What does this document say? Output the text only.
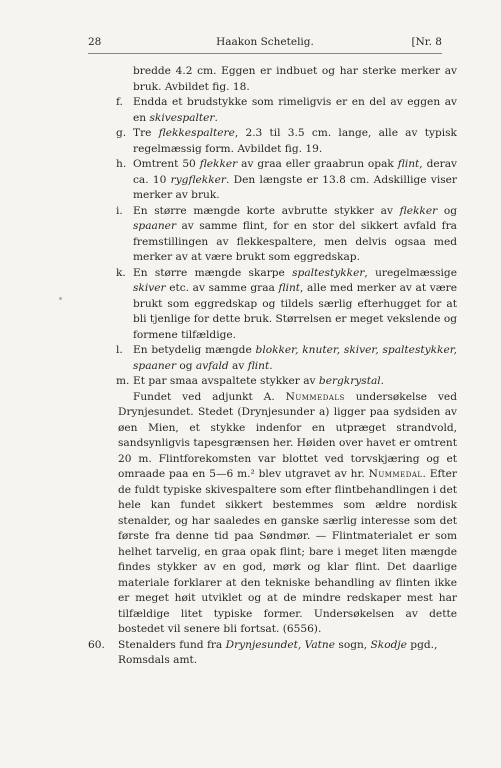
28	Haakon Schetelig.	[Nr. 8
bredde 4.2 cm. Eggen er indbuet og har sterke merker av bruk. Avbildet fig. 18.
f. Endda et brudstykke som rimeligvis er en del av eggen av en skivespalter.
g. Tre flekkespaltere, 2.3 til 3.5 cm. lange, alle av typisk regelmæssig form. Avbildet fig. 19.
h. Omtrent 50 flekker av graa eller graabrun opak flint, derav ca. 10 rygflekker. Den længste er 13.8 cm. Adskillige viser merker av bruk.
i. En større mængde korte avbrutte stykker av flekker og spaaner av samme flint, for en stor del sikkert avfald fra fremstillingen av flekkespaltere, men delvis ogsaa med merker av at være brukt som eggredskap.
k. En større mængde skarpe spaltestykker, uregelmæssige skiver etc. av samme graa flint, alle med merker av at være brukt som eggredskap og tildels særlig efterhugget for at bli tjenlige for dette bruk. Størrelsen er meget vekslende og formene tilfældige.
l. En betydelig mængde blokker, knuter, skiver, spaltestykker, spaaner og avfald av flint.
m. Et par smaa avspaltete stykker av bergkrystal.

Fundet ved adjunkt A. Nummedals undersøkelse ved Drynjesundet. Stedet (Drynjesunder a) ligger paa sydsiden av øen Mien, et stykke indenfor en utpræget strandvold, sandsynligvis tapesgrænsen her. Høiden over havet er omtrent 20 m. Flintforekomsten var blottet ved torvskjæring og et omraade paa en 5—6 m.² blev utgravet av hr. Nummedal. Efter de fuldt typiske skivespaltere som efter flintbehandlingen i det hele kan fundet sikkert bestemmes som ældre nordisk stenalder, og har saaledes en ganske særlig interesse som det første fra denne tid paa Søndmør. — Flintmaterialet er som helhet tarvelig, en graa opak flint; bare i meget liten mængde findes stykker av en god, mørk og klar flint. Det daarlige materiale forklarer at den tekniske behandling av flinten ikke er meget høit utviklet og at de mindre redskaper mest har tilfældige litet typiske former. Undersøkelsen av dette bostedet vil senere bli fortsat. (6556).

60. Stenalders fund fra Drynjesundet, Vatne sogn, Skodje pgd., Romsdals amt.
